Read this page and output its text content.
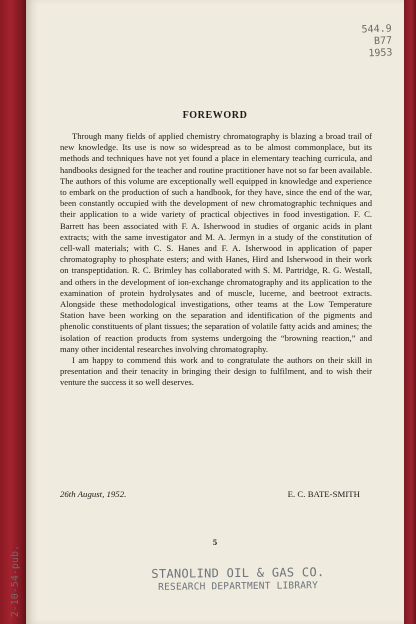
544.9
B77
1953
FOREWORD

Through many fields of applied chemistry chromatography is blazing a broad trail of new knowledge. Its use is now so widespread as to be almost commonplace, but its methods and techniques have not yet found a place in elementary teaching curricula, and handbooks designed for the teacher and routine practitioner have not so far been available. The authors of this volume are exceptionally well equipped in knowledge and experience to embark on the production of such a handbook, for they have, since the end of the war, been constantly occupied with the development of new chromatographic techniques and their application to a wide variety of practical objectives in food investigation. F. C. Barrett has been associated with F. A. Isherwood in studies of organic acids in plant extracts; with the same investigator and M. A. Jermyn in a study of the constitution of cell-wall materials; with C. S. Hanes and F. A. Isherwood in application of paper chromatography to phosphate esters; and with Hanes, Hird and Isherwood in their work on transpeptidation. R. C. Brimley has collaborated with S. M. Partridge, R. G. Westall, and others in the development of ion-exchange chromatography and its application to the examination of protein hydrolysates and of muscle, lucerne, and beetroot extracts. Alongside these methodological investigations, other teams at the Low Temperature Station have been working on the separation and identification of the pigments and phenolic constituents of plant tissues; the separation of volatile fatty acids and amines; the isolation of reaction products from systems undergoing the “browning reaction,” and many other incidental researches involving chromatography.

I am happy to commend this work and to congratulate the authors on their skill in presentation and their tenacity in bringing their design to fulfilment, and to wish their venture the success it so well deserves.

26th August, 1952.	E. C. BATE-SMITH
5
STANOLIND OIL & GAS CO.
RESEARCH DEPARTMENT LIBRARY
2-10-54-pub.
